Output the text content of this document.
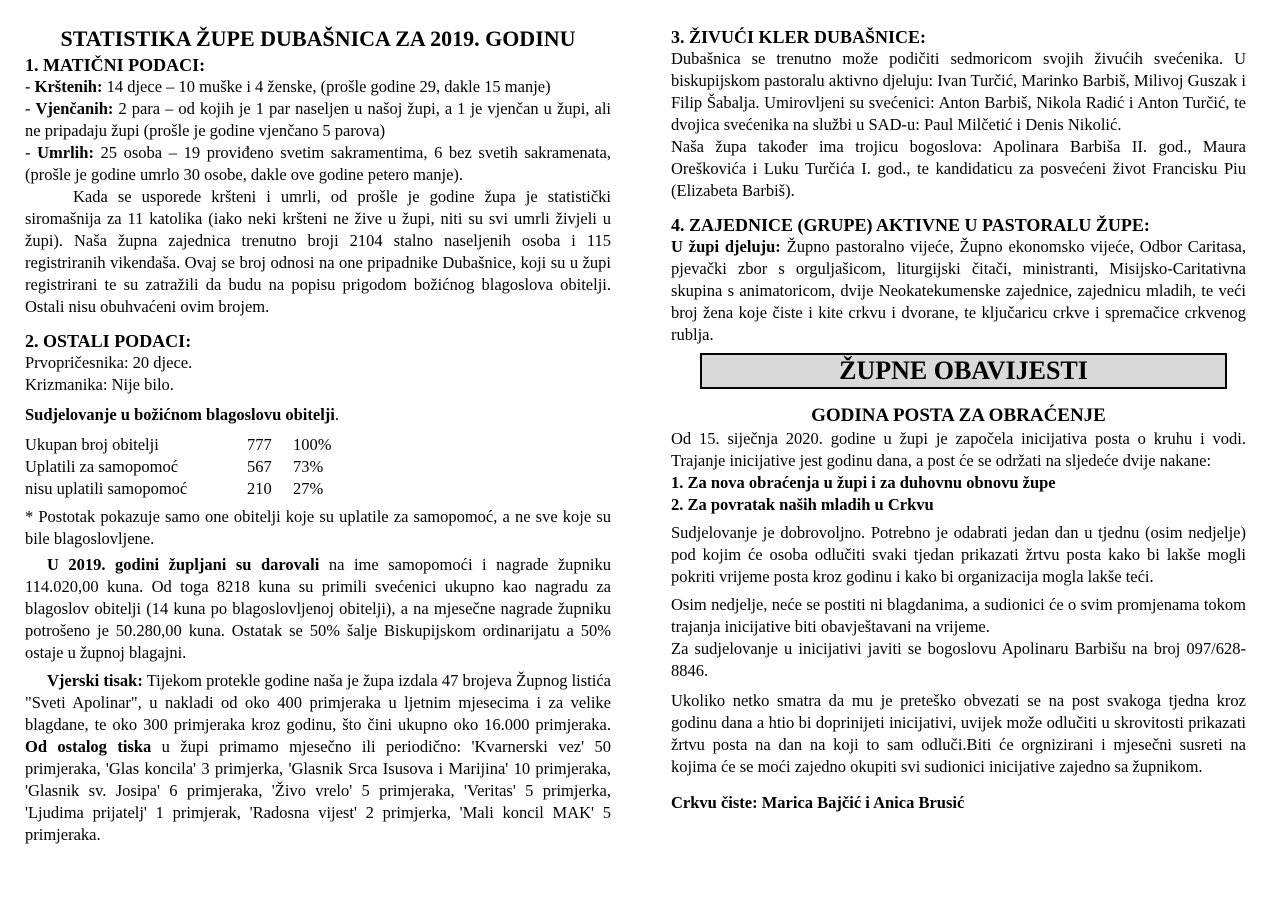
STATISTIKA ŽUPE DUBAŠNICA ZA 2019. GODINU
1. MATIČNI PODACI:

- Krštenih: 14 djece – 10 muške i 4 ženske, (prošle godine 29, dakle 15 manje)

- Vjenčanih: 2 para – od kojih je 1 par naseljen u našoj župi, a 1 je vjenčan u župi, ali ne pripadaju župi (prošle je godine vjenčano 5 parova)

- Umrlih: 25 osoba – 19 proviđeno svetim sakramentima, 6 bez svetih sakramenata, (prošle je godine umrlo 30 osobe, dakle ove godine petero manje).

Kada se usporede kršteni i umrli, od prošle je godine župa je statistički siromašnija za 11 katolika (iako neki kršteni ne žive u župi, niti su svi umrli živjeli u župi). Naša župna zajednica trenutno broji 2104 stalno naseljenih osoba i 115 registriranih vikendaša. Ovaj se broj odnosi na one pripadnike Dubašnice, koji su u župi registrirani te su zatražili da budu na popisu prigodom božićnog blagoslova obitelji. Ostali nisu obuhvaćeni ovim brojem.

2. OSTALI PODACI:

Prvopričesnika: 20 djece.

Krizmanika: Nije bilo.

Sudjelovanje u božićnom blagoslovu obitelji.

Ukupan broj obitelji	777	100%
Uplatili za samopomoć	567	73%
nisu uplatili samopomoć	210	27%

* Postotak pokazuje samo one obitelji koje su uplatile za samopomoć, a ne sve koje su bile blagoslovljene.

U 2019. godini župljani su darovali na ime samopomoći i nagrade župniku 114.020,00 kuna. Od toga 8218 kuna su primili svećenici ukupno kao nagradu za blagoslov obitelji (14 kuna po blagoslovljenoj obitelji), a na mjesečne nagrade župniku potrošeno je 50.280,00 kuna. Ostatak se 50% šalje Biskupijskom ordinarijatu a 50% ostaje u župnoj blagajni.

Vjerski tisak: Tijekom protekle godine naša je župa izdala 47 brojeva Župnog listića "Sveti Apolinar", u nakladi od oko 400 primjeraka u ljetnim mjesecima i za velike blagdane, te oko 300 primjeraka kroz godinu, što čini ukupno oko 16.000 primjeraka. Od ostalog tiska u župi primamo mjesečno ili periodično: 'Kvarnerski vez' 50 primjeraka, 'Glas koncila' 3 primjerka, 'Glasnik Srca Isusova i Marijina' 10 primjeraka, 'Glasnik sv. Josipa' 6 primjeraka, 'Živo vrelo' 5 primjeraka, 'Veritas' 5 primjerka, 'Ljudima prijatelj' 1 primjerak, 'Radosna vijest' 2 primjerka, 'Mali koncil MAK' 5 primjeraka.

3. ŽIVUĆI KLER DUBAŠNICE:

Dubašnica se trenutno može podičiti sedmoricom svojih živućih svećenika. U biskupijskom pastoralu aktivno djeluju: Ivan Turčić, Marinko Barbiš, Milivoj Guszak i Filip Šabalja. Umirovljeni su svećenici: Anton Barbiš, Nikola Radić i Anton Turčić, te dvojica svećenika na službi u SAD-u: Paul Milčetić i Denis Nikolić.

Naša župa također ima trojicu bogoslova: Apolinara Barbiša II. god., Maura Oreškovića i Luku Turčića I. god., te kandidaticu za posvećeni život Francisku Piu (Elizabeta Barbiš).

4. ZAJEDNICE (GRUPE) AKTIVNE U PASTORALU ŽUPE:

U župi djeluju: Župno pastoralno vijeće, Župno ekonomsko vijeće, Odbor Caritasa, pjevački zbor s orguljašicom, liturgijski čitači, ministranti, Misijsko-Caritativna skupina s animatoricom, dvije Neokatekumenske zajednice, zajednicu mladih, te veći broj žena koje čiste i kite crkvu i dvorane, te ključaricu crkve i spremačice crkvenog rublja.

ŽUPNE OBAVIJESTI
GODINA POSTA ZA OBRAĆENJE

Od 15. siječnja 2020. godine u župi je započela inicijativa posta o kruhu i vodi. Trajanje inicijative jest godinu dana, a post će se održati na sljedeće dvije nakane:

1. Za nova obraćenja u župi i za duhovnu obnovu župe

2. Za povratak naših mladih u Crkvu

Sudjelovanje je dobrovoljno. Potrebno je odabrati jedan dan u tjednu (osim nedjelje) pod kojim će osoba odlučiti svaki tjedan prikazati žrtvu posta kako bi lakše mogli pokriti vrijeme posta kroz godinu i kako bi organizacija mogla lakše teći.

Osim nedjelje, neće se postiti ni blagdanima, a sudionici će o svim promjenama tokom trajanja inicijative biti obavještavani na vrijeme.

Za sudjelovanje u inicijativi javiti se bogoslovu Apolinaru Barbišu na broj 097/628-8846.

Ukoliko netko smatra da mu je preteško obvezati se na post svakoga tjedna kroz godinu dana a htio bi doprinijeti inicijativi, uvijek može odlučiti u skrovitosti prikazati žrtvu posta na dan na koji to sam odluči.Biti će orgnizirani i mjesečni susreti na kojima će se moći zajedno okupiti svi sudionici inicijative zajedno sa župnikom.

Crkvu čiste: Marica Bajčić i Anica Brusić
